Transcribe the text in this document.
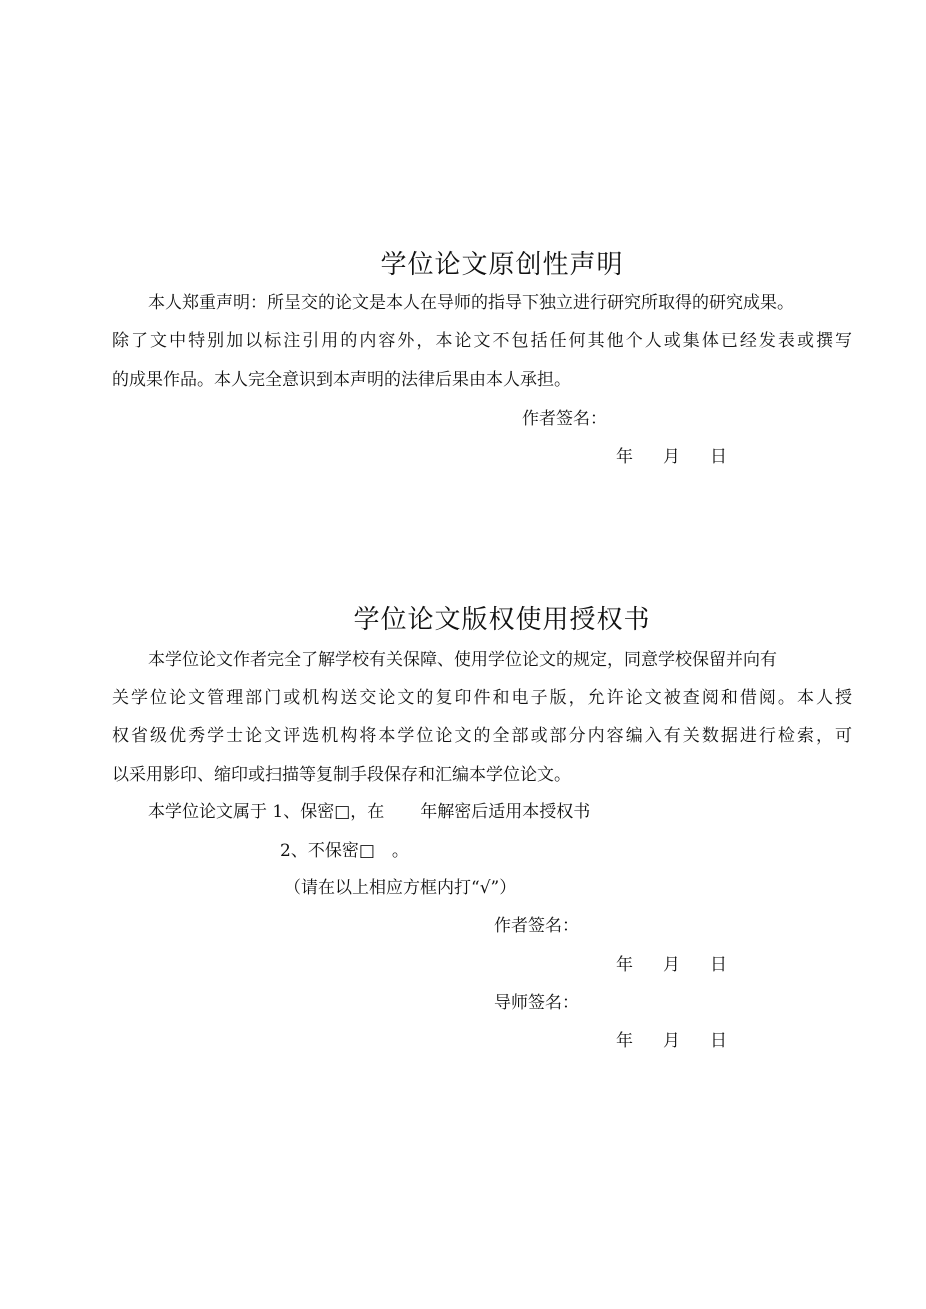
学位论文原创性声明

本人郑重声明：所呈交的论文是本人在导师的指导下独立进行研究所取得的研究成果。

除了文中特别加以标注引用的内容外，本论文不包括任何其他个人或集体已经发表或撰写

的成果作品。本人完全意识到本声明的法律后果由本人承担。

作者签名：
年 月 日
学位论文版权使用授权书

本学位论文作者完全了解学校有关保障、使用学位论文的规定，同意学校保留并向有

关学位论文管理部门或机构送交论文的复印件和电子版，允许论文被查阅和借阅。本人授

权省级优秀学士论文评选机构将本学位论文的全部或部分内容编入有关数据进行检索，可

以采用影印、缩印或扫描等复制手段保存和汇编本学位论文。

本学位论文属于 1、保密□，在 年解密后适用本授权书
2、不保密□　。
（请在以上相应方框内打“√”）
作者签名：
年 月 日
导师签名：
年 月 日
